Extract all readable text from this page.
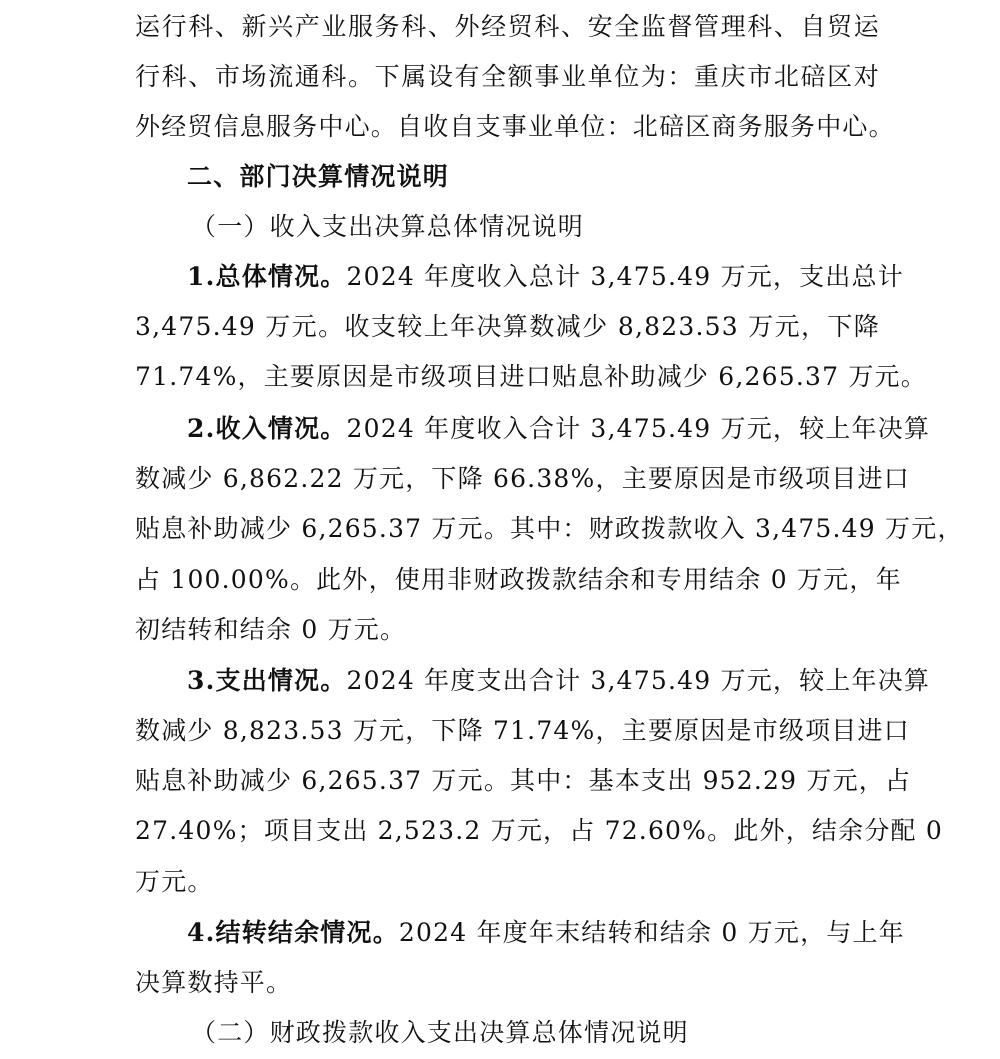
运行科、新兴产业服务科、外经贸科、安全监督管理科、自贸运
行科、市场流通科。下属设有全额事业单位为：重庆市北碚区对
外经贸信息服务中心。自收自支事业单位：北碚区商务服务中心。
二、部门决算情况说明
（一）收入支出决算总体情况说明
1.总体情况。2024 年度收入总计 3,475.49 万元，支出总计
3,475.49 万元。收支较上年决算数减少 8,823.53 万元，下降
71.74%，主要原因是市级项目进口贴息补助减少 6,265.37 万元。
2.收入情况。2024 年度收入合计 3,475.49 万元，较上年决算
数减少 6,862.22 万元，下降 66.38%，主要原因是市级项目进口
贴息补助减少 6,265.37 万元。其中：财政拨款收入 3,475.49 万元，
占 100.00%。此外，使用非财政拨款结余和专用结余 0 万元，年
初结转和结余 0 万元。
3.支出情况。2024 年度支出合计 3,475.49 万元，较上年决算
数减少 8,823.53 万元，下降 71.74%，主要原因是市级项目进口
贴息补助减少 6,265.37 万元。其中：基本支出 952.29 万元，占
27.40%；项目支出 2,523.2 万元，占 72.60%。此外，结余分配 0
万元。
4.结转结余情况。2024 年度年末结转和结余 0 万元，与上年
决算数持平。
（二）财政拨款收入支出决算总体情况说明
